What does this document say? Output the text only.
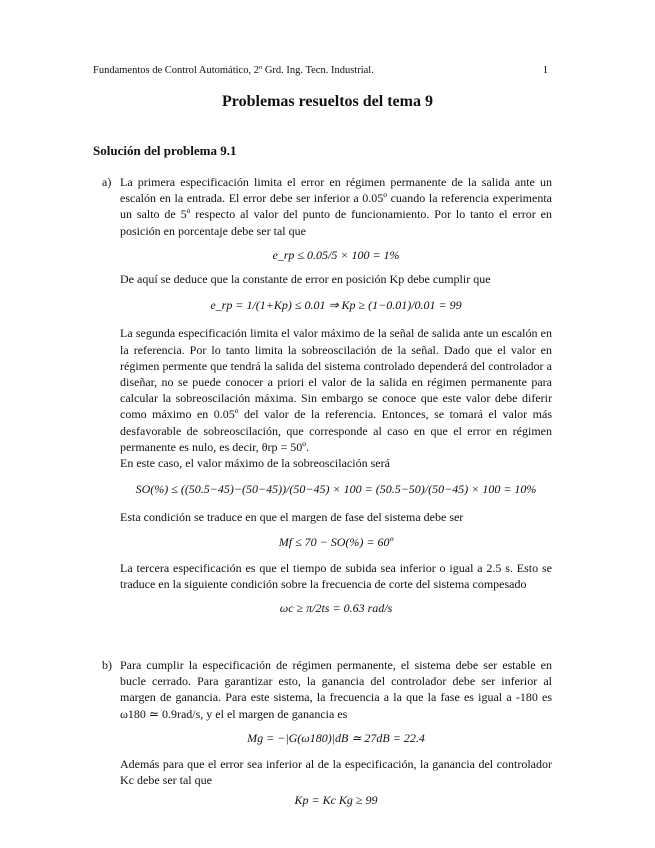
Fundamentos de Control Automático, 2º Grd. Ing. Tecn. Industrial.	1
Problemas resueltos del tema 9
Solución del problema 9.1
a) La primera especificación limita el error en régimen permanente de la salida ante un escalón en la entrada. El error debe ser inferior a 0.05º cuando la referencia experimenta un salto de 5º respecto al valor del punto de funcionamiento. Por lo tanto el error en posición en porcentaje debe ser tal que

e_rp ≤ 0.05/5 × 100 = 1%

De aquí se deduce que la constante de error en posición Kp debe cumplir que

e_rp = 1/(1+Kp) ≤ 0.01 ⇒ Kp ≥ (1−0.01)/0.01 = 99

La segunda especificación limita el valor máximo de la señal de salida ante un escalón en la referencia. Por lo tanto limita la sobreoscilación de la señal. Dado que el valor en régimen permente que tendrá la salida del sistema controlado dependerá del controlador a diseñar, no se puede conocer a priori el valor de la salida en régimen permanente para calcular la sobreoscilación máxima. Sin embargo se conoce que este valor debe diferir como máximo en 0.05º del valor de la referencia. Entonces, se tomará el valor más desfavorable de sobreoscilación, que corresponde al caso en que el error en régimen permanente es nulo, es decir, θrp = 50º.

En este caso, el valor máximo de la sobreoscilación será

SO(%) ≤ ((50.5−45)−(50−45))/(50−45) × 100 = (50.5−50)/(50−45) × 100 = 10%

Esta condición se traduce en que el margen de fase del sistema debe ser

Mf ≤ 70 − SO(%) = 60º

La tercera especificación es que el tiempo de subida sea inferior o igual a 2.5 s. Esto se traduce en la siguiente condición sobre la frecuencia de corte del sistema compesado

ωc ≥ π/2ts = 0.63 rad/s
b) Para cumplir la especificación de régimen permanente, el sistema debe ser estable en bucle cerrado. Para garantizar esto, la ganancia del controlador debe ser inferior al margen de ganancia. Para este sistema, la frecuencia a la que la fase es igual a -180 es ω180 ≃ 0.9rad/s, y el el margen de ganancia es

Mg = −|G(ω180)|dB ≃ 27dB = 22.4

Además para que el error sea inferior al de la especificación, la ganancia del controlador Kc debe ser tal que

Kp = Kc Kg ≥ 99
